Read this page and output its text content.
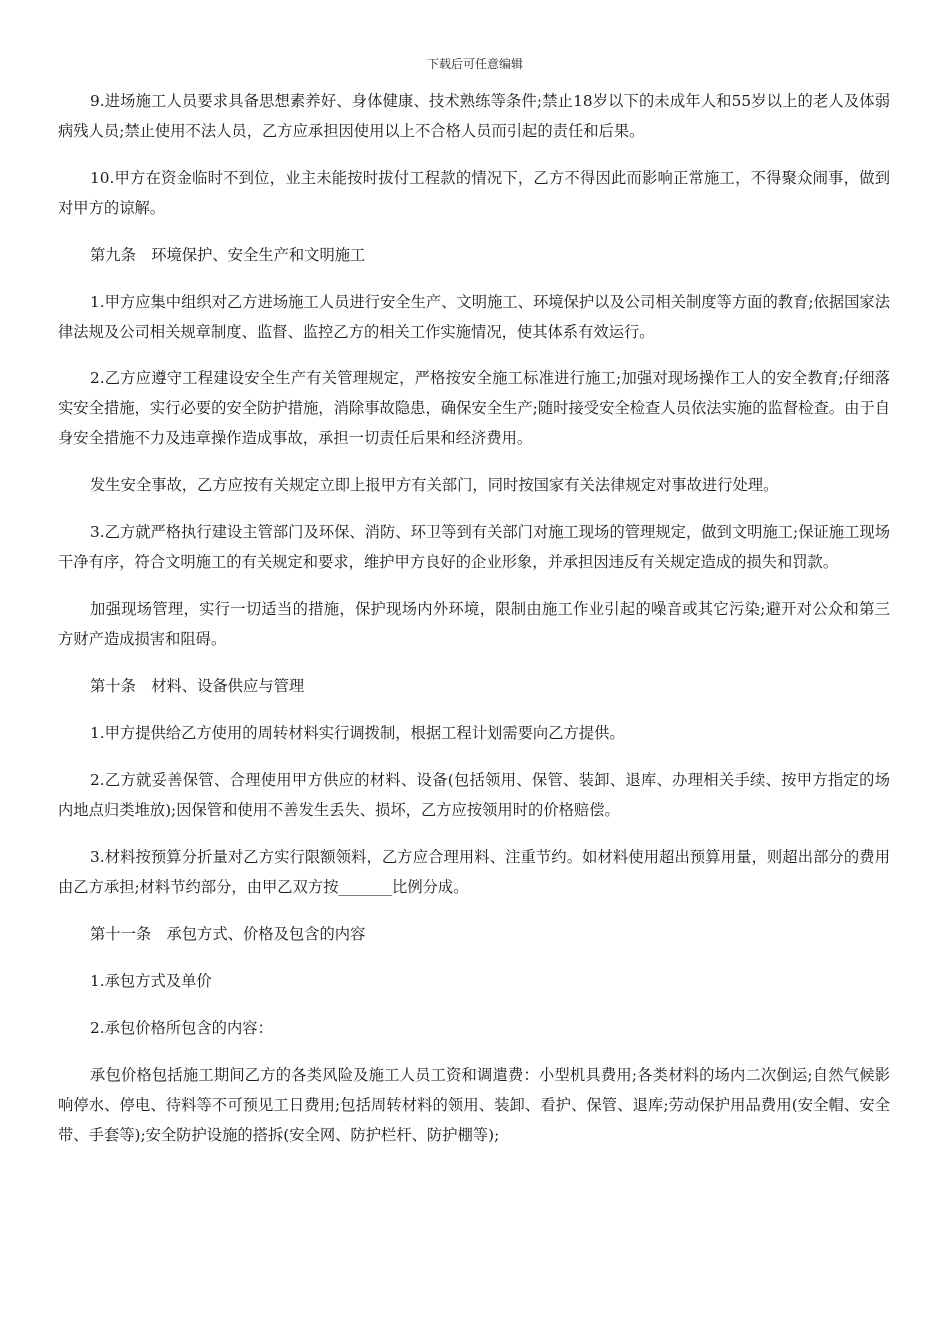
下载后可任意编辑

9.进场施工人员要求具备思想素养好、身体健康、技术熟练等条件;禁止18岁以下的未成年人和55岁以上的老人及体弱病残人员;禁止使用不法人员，乙方应承担因使用以上不合格人员而引起的责任和后果。

10.甲方在资金临时不到位，业主未能按时拔付工程款的情况下，乙方不得因此而影响正常施工，不得聚众闹事，做到对甲方的谅解。

第九条　环境保护、安全生产和文明施工

1.甲方应集中组织对乙方进场施工人员进行安全生产、文明施工、环境保护以及公司相关制度等方面的教育;依据国家法律法规及公司相关规章制度、监督、监控乙方的相关工作实施情况，使其体系有效运行。

2.乙方应遵守工程建设安全生产有关管理规定，严格按安全施工标准进行施工;加强对现场操作工人的安全教育;仔细落实安全措施，实行必要的安全防护措施，消除事故隐患，确保安全生产;随时接受安全检查人员依法实施的监督检查。由于自身安全措施不力及违章操作造成事故，承担一切责任后果和经济费用。

发生安全事故，乙方应按有关规定立即上报甲方有关部门，同时按国家有关法律规定对事故进行处理。

3.乙方就严格执行建设主管部门及环保、消防、环卫等到有关部门对施工现场的管理规定，做到文明施工;保证施工现场干净有序，符合文明施工的有关规定和要求，维护甲方良好的企业形象，并承担因违反有关规定造成的损失和罚款。

加强现场管理，实行一切适当的措施，保护现场内外环境，限制由施工作业引起的噪音或其它污染;避开对公众和第三方财产造成损害和阻碍。

第十条　材料、设备供应与管理

1.甲方提供给乙方使用的周转材料实行调拨制，根据工程计划需要向乙方提供。

2.乙方就妥善保管、合理使用甲方供应的材料、设备(包括领用、保管、装卸、退库、办理相关手续、按甲方指定的场内地点归类堆放);因保管和使用不善发生丢失、损坏，乙方应按领用时的价格赔偿。

3.材料按预算分折量对乙方实行限额领料，乙方应合理用料、注重节约。如材料使用超出预算用量，则超出部分的费用由乙方承担;材料节约部分，由甲乙双方按_______比例分成。

第十一条　承包方式、价格及包含的内容

1.承包方式及单价

2.承包价格所包含的内容：

承包价格包括施工期间乙方的各类风险及施工人员工资和调遣费：小型机具费用;各类材料的场内二次倒运;自然气候影响停水、停电、待料等不可预见工日费用;包括周转材料的领用、装卸、看护、保管、退库;劳动保护用品费用(安全帽、安全带、手套等);安全防护设施的搭拆(安全网、防护栏杆、防护棚等);
